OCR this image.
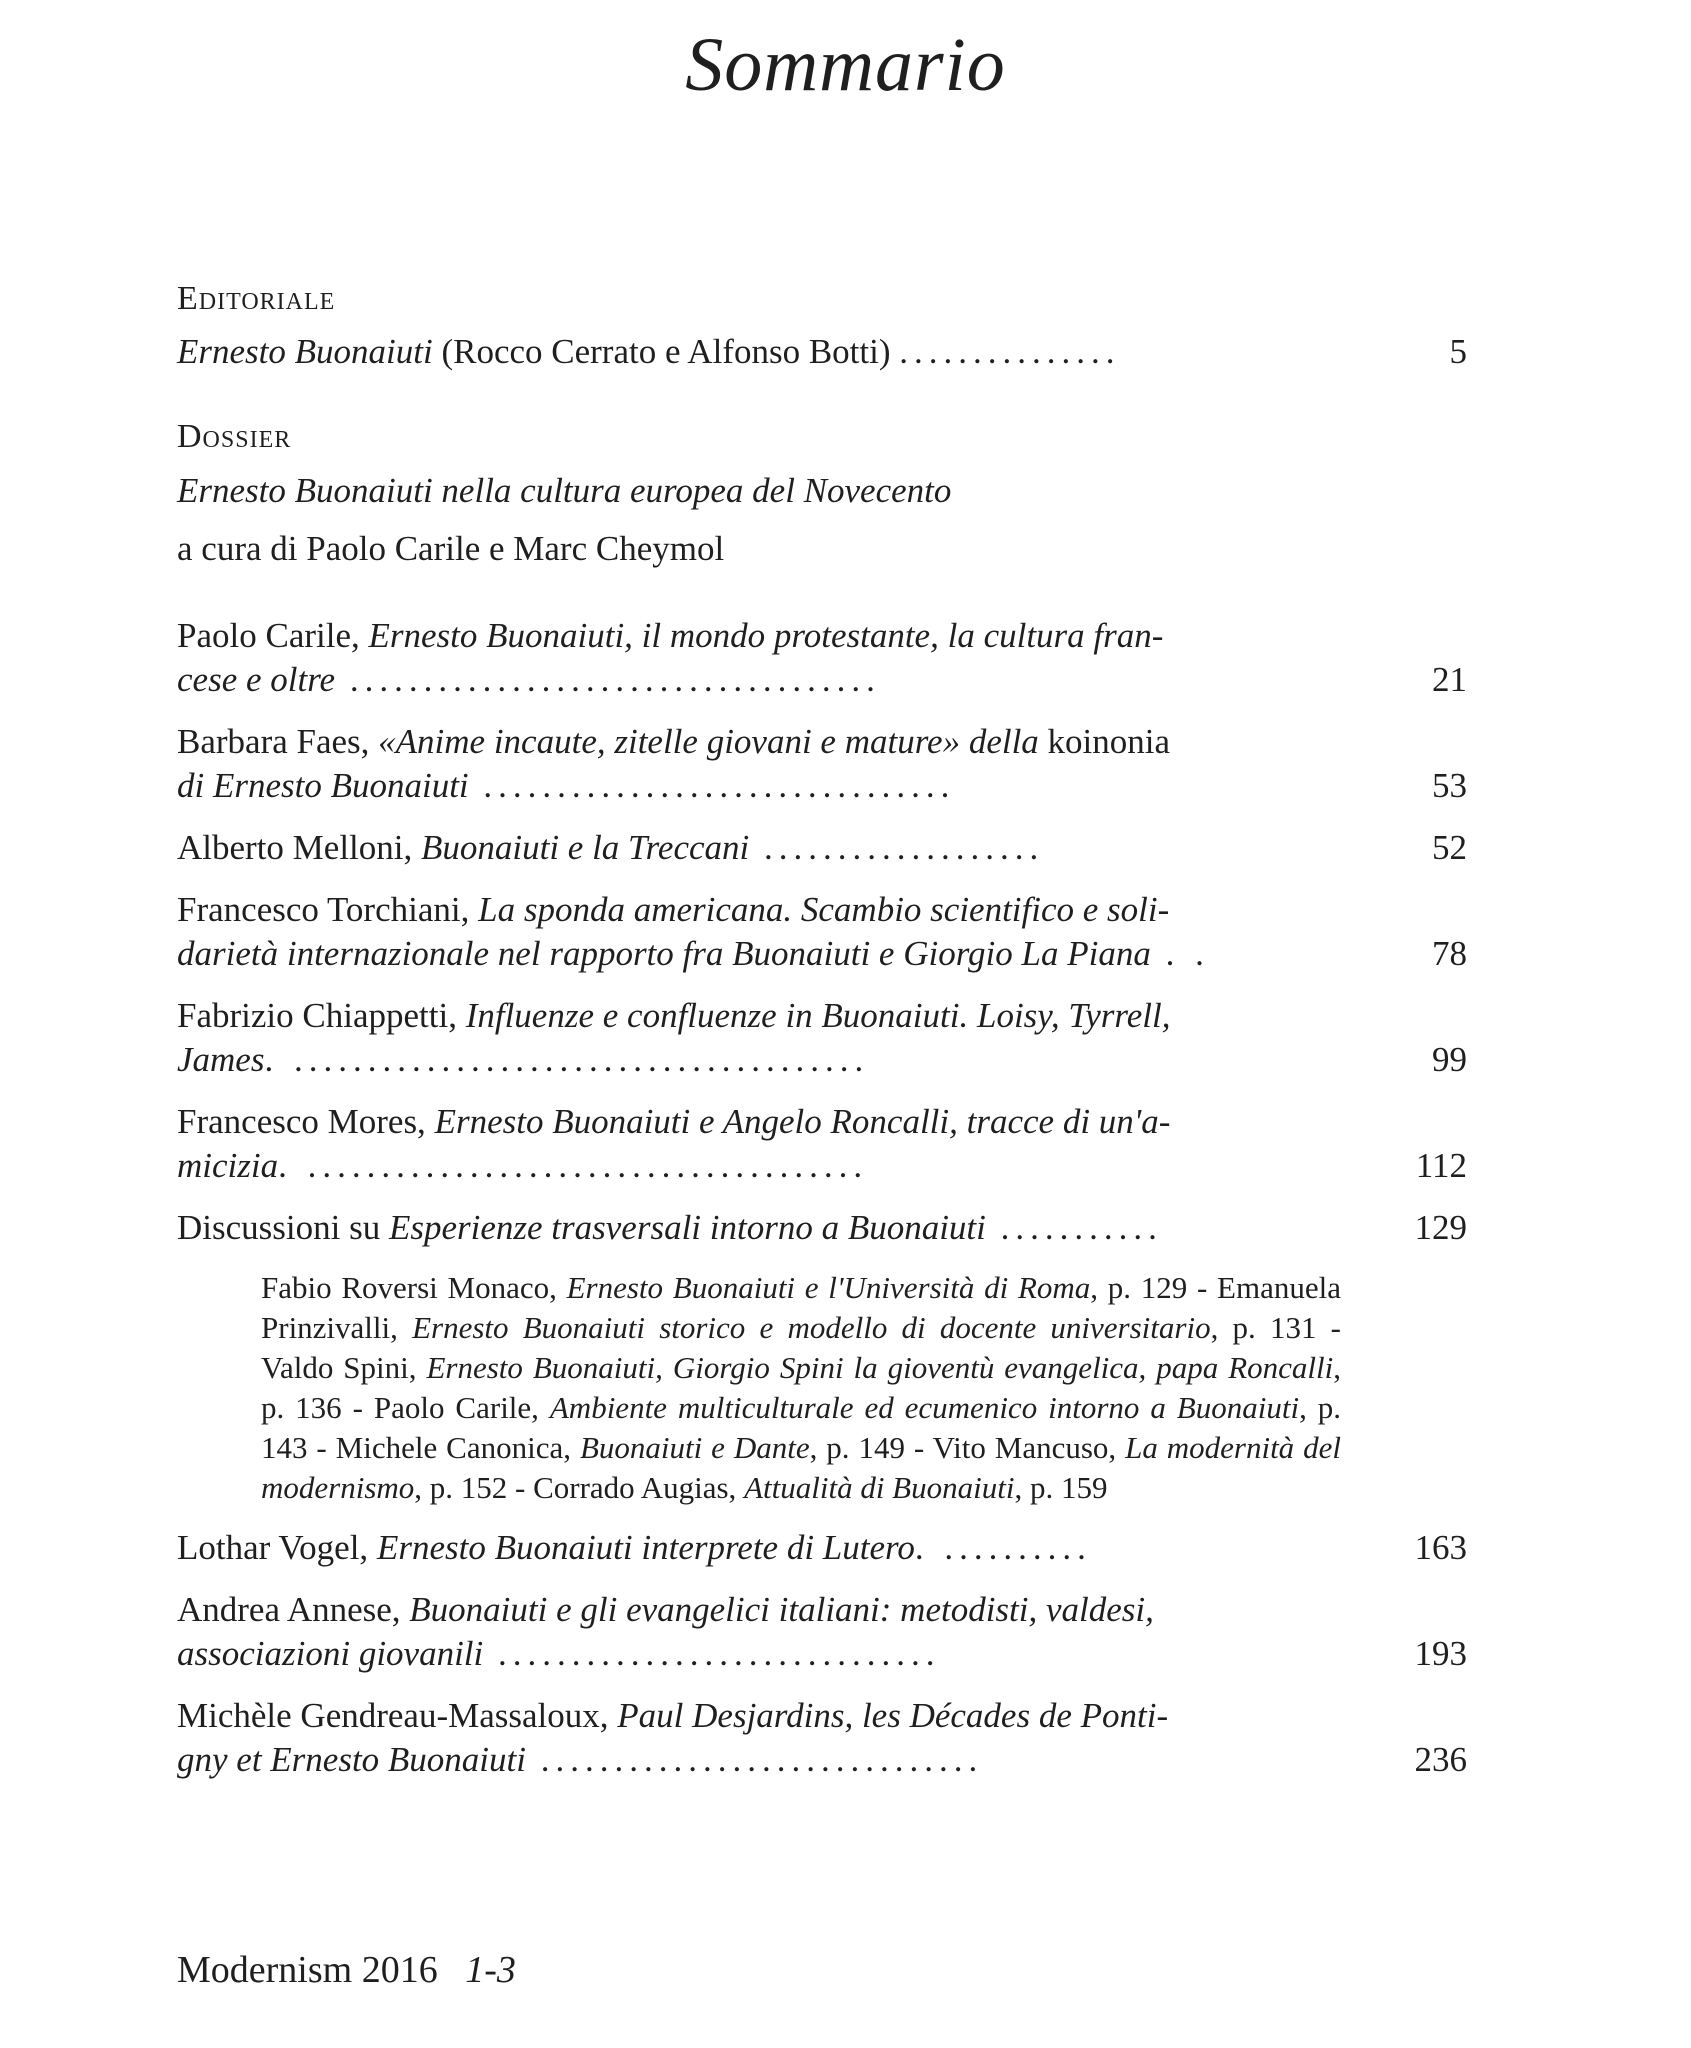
Sommario
Editoriale
Ernesto Buonaiuti (Rocco Cerrato e Alfonso Botti) ...............	5
Dossier
Ernesto Buonaiuti nella cultura europea del Novecento
a cura di Paolo Carile e Marc Cheymol
Paolo Carile, Ernesto Buonaiuti, il mondo protestante, la cultura fran-
cese e oltre ....................................	21
Barbara Faes, «Anime incaute, zitelle giovani e mature» della koinonia
di Ernesto Buonaiuti ................................	53
Alberto Melloni, Buonaiuti e la Treccani ...................	52
Francesco Torchiani, La sponda americana. Scambio scientifico e soli-
darietà internazionale nel rapporto fra Buonaiuti e Giorgio La Piana . .	78
Fabrizio Chiappetti, Influenze e confluenze in Buonaiuti. Loisy, Tyrrell,
James. .......................................	99
Francesco Mores, Ernesto Buonaiuti e Angelo Roncalli, tracce di un'a-
micizia. ......................................	112
Discussioni su Esperienze trasversali intorno a Buonaiuti ...........	129
Fabio Roversi Monaco, Ernesto Buonaiuti e l'Università di Roma, p. 129 - Emanuela Prinzivalli, Ernesto Buonaiuti storico e modello di docente universitario, p. 131 - Valdo Spini, Ernesto Buonaiuti, Giorgio Spini la gioventù evangelica, papa Roncalli, p. 136 - Paolo Carile, Ambiente multiculturale ed ecumenico intorno a Buonaiuti, p. 143 - Michele Canonica, Buonaiuti e Dante, p. 149 - Vito Mancuso, La modernità del modernismo, p. 152 - Corrado Augias, Attualità di Buonaiuti, p. 159
Lothar Vogel, Ernesto Buonaiuti interprete di Lutero. ..........	163
Andrea Annese, Buonaiuti e gli evangelici italiani: metodisti, valdesi,
associazioni giovanili ..............................	193
Michèle Gendreau-Massaloux, Paul Desjardins, les Décades de Ponti-
gny et Ernesto Buonaiuti ..............................	236
Modernism 2016 1-3
